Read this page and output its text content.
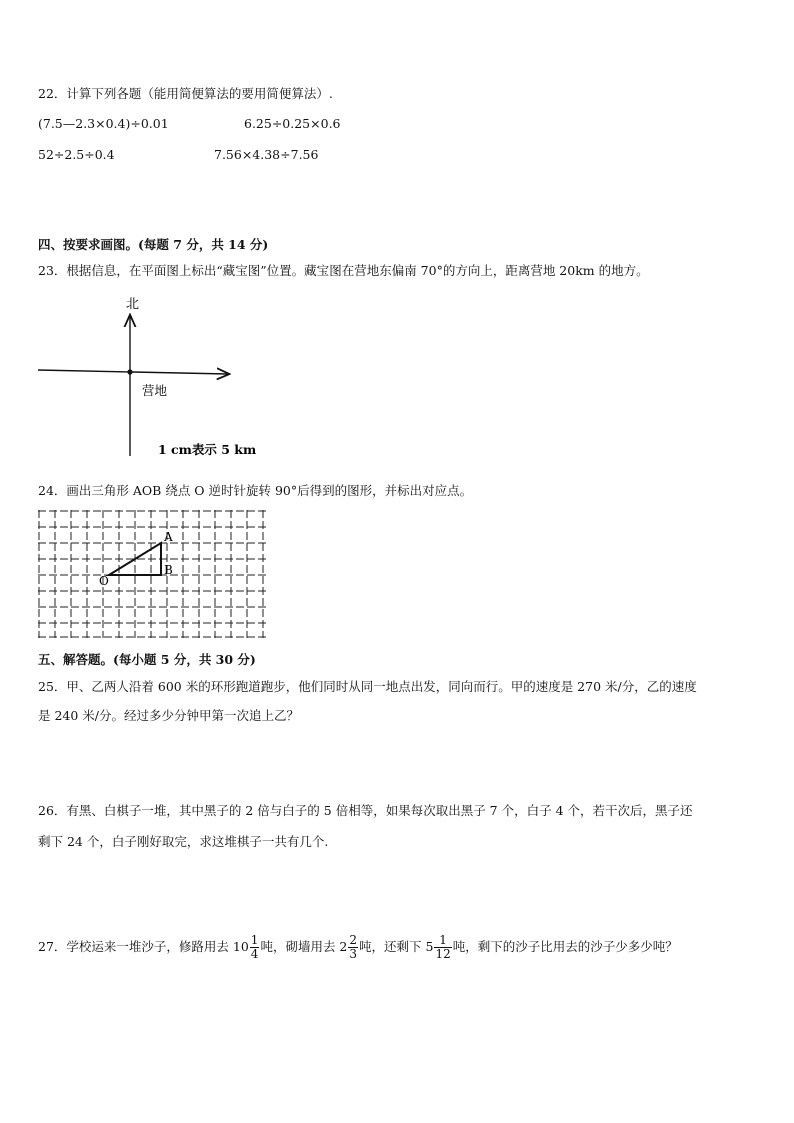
22．计算下列各题（能用简便算法的要用简便算法）.
(7.5—2.3×0.4)÷0.01	6.25÷0.25×0.6
52÷2.5÷0.4	7.56×4.38÷7.56
四、按要求画图。(每题 7 分，共 14 分)
23．根据信息，在平面图上标出“藏宝图”位置。藏宝图在营地东偏南 70°的方向上，距离营地 20km 的地方。
北
营地
1 cm表示 5 km
24．画出三角形 AOB 绕点 O 逆时针旋转 90°后得到的图形，并标出对应点。
A
B
O
五、解答题。(每小题 5 分，共 30 分)
25．甲、乙两人沿着 600 米的环形跑道跑步，他们同时从同一地点出发，同向而行。甲的速度是 270 米/分，乙的速度
是 240 米/分。经过多少分钟甲第一次追上乙？
26．有黑、白棋子一堆，其中黑子的 2 倍与白子的 5 倍相等，如果每次取出黑子 7 个，白子 4 个，若干次后，黑子还
剩下 24 个，白子刚好取完，求这堆棋子一共有几个.
27．学校运来一堆沙子，修路用去 $10 \frac{1}{4}$ 吨，砌墙用去 $2 \frac{2}{3}$ 吨，还剩下 $5 \frac{1}{12}$ 吨，剩下的沙子比用去的沙子少多少吨？
